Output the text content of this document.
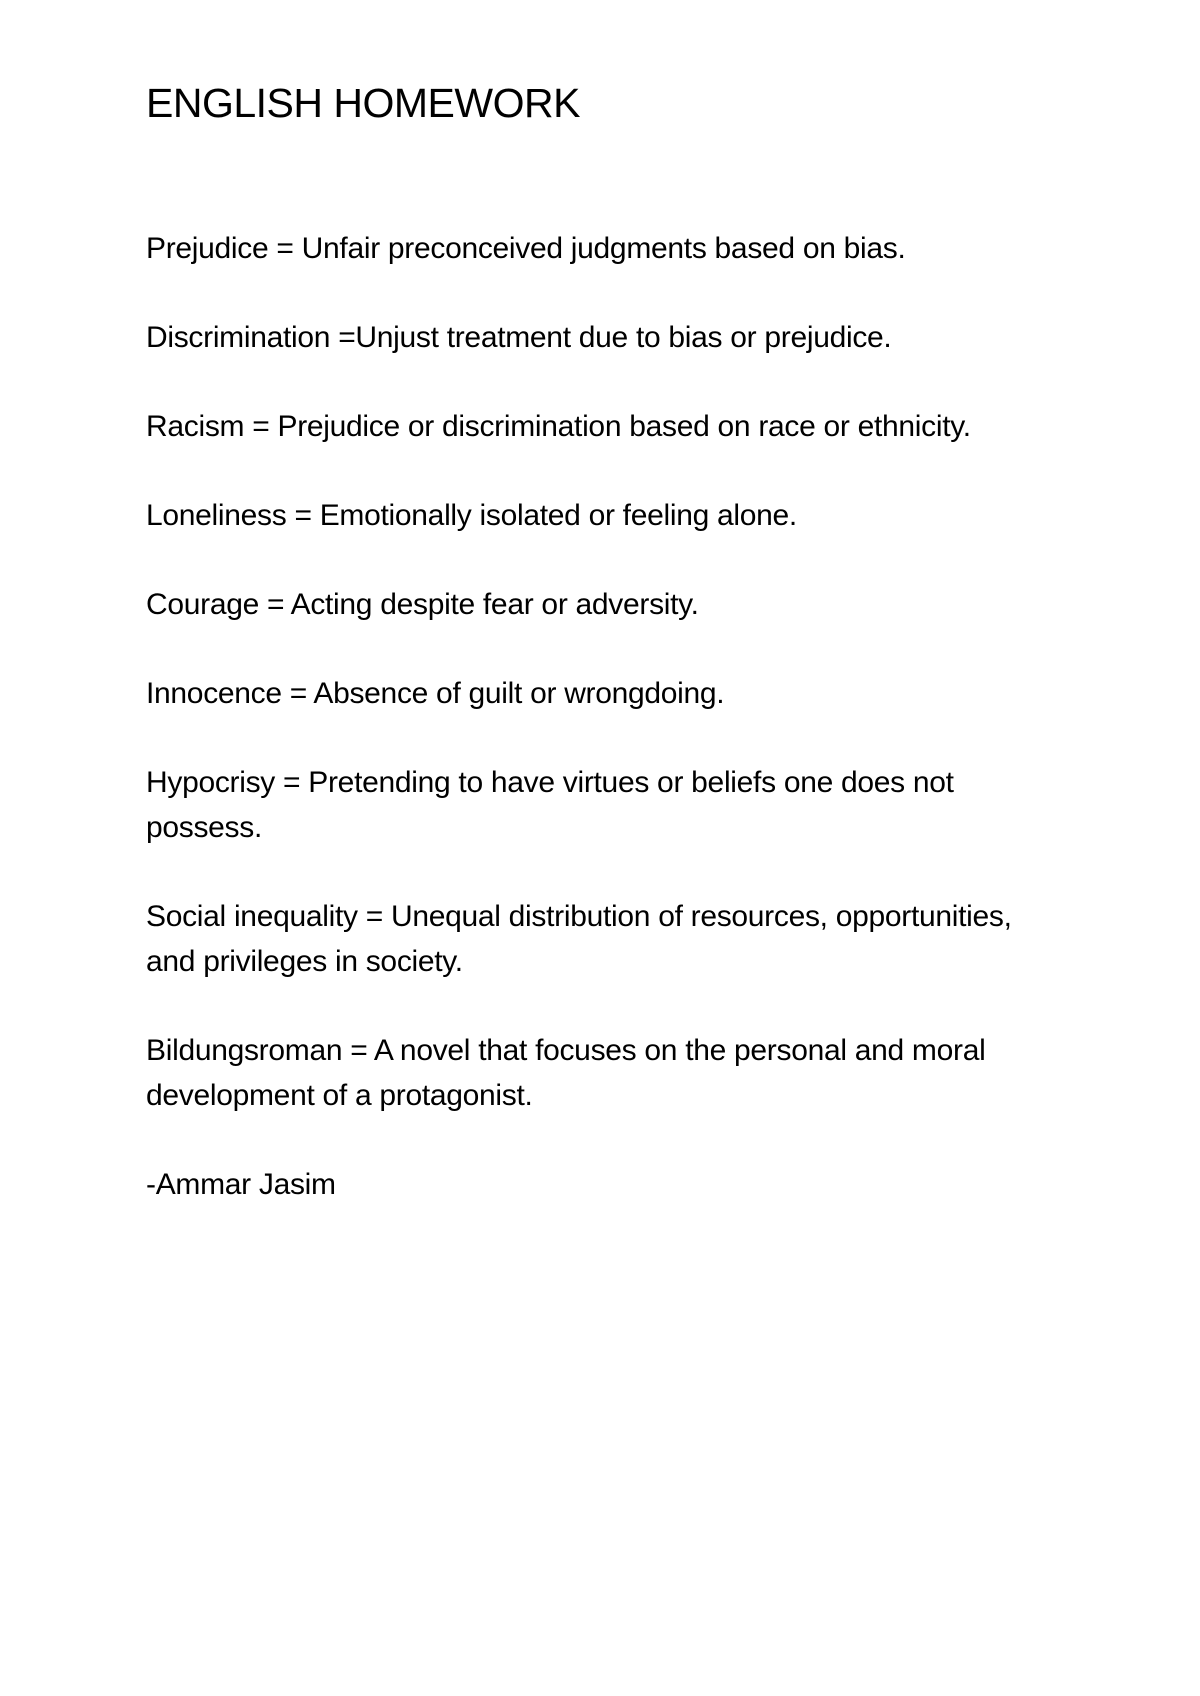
ENGLISH HOMEWORK

Prejudice = Unfair preconceived judgments based on bias.

Discrimination =Unjust treatment due to bias or prejudice.

Racism = Prejudice or discrimination based on race or ethnicity.

Loneliness = Emotionally isolated or feeling alone.

Courage = Acting despite fear or adversity.

Innocence = Absence of guilt or wrongdoing.

Hypocrisy = Pretending to have virtues or beliefs one does not possess.

Social inequality = Unequal distribution of resources, opportunities, and privileges in society.

Bildungsroman = A novel that focuses on the personal and moral development of a protagonist.

-Ammar Jasim
